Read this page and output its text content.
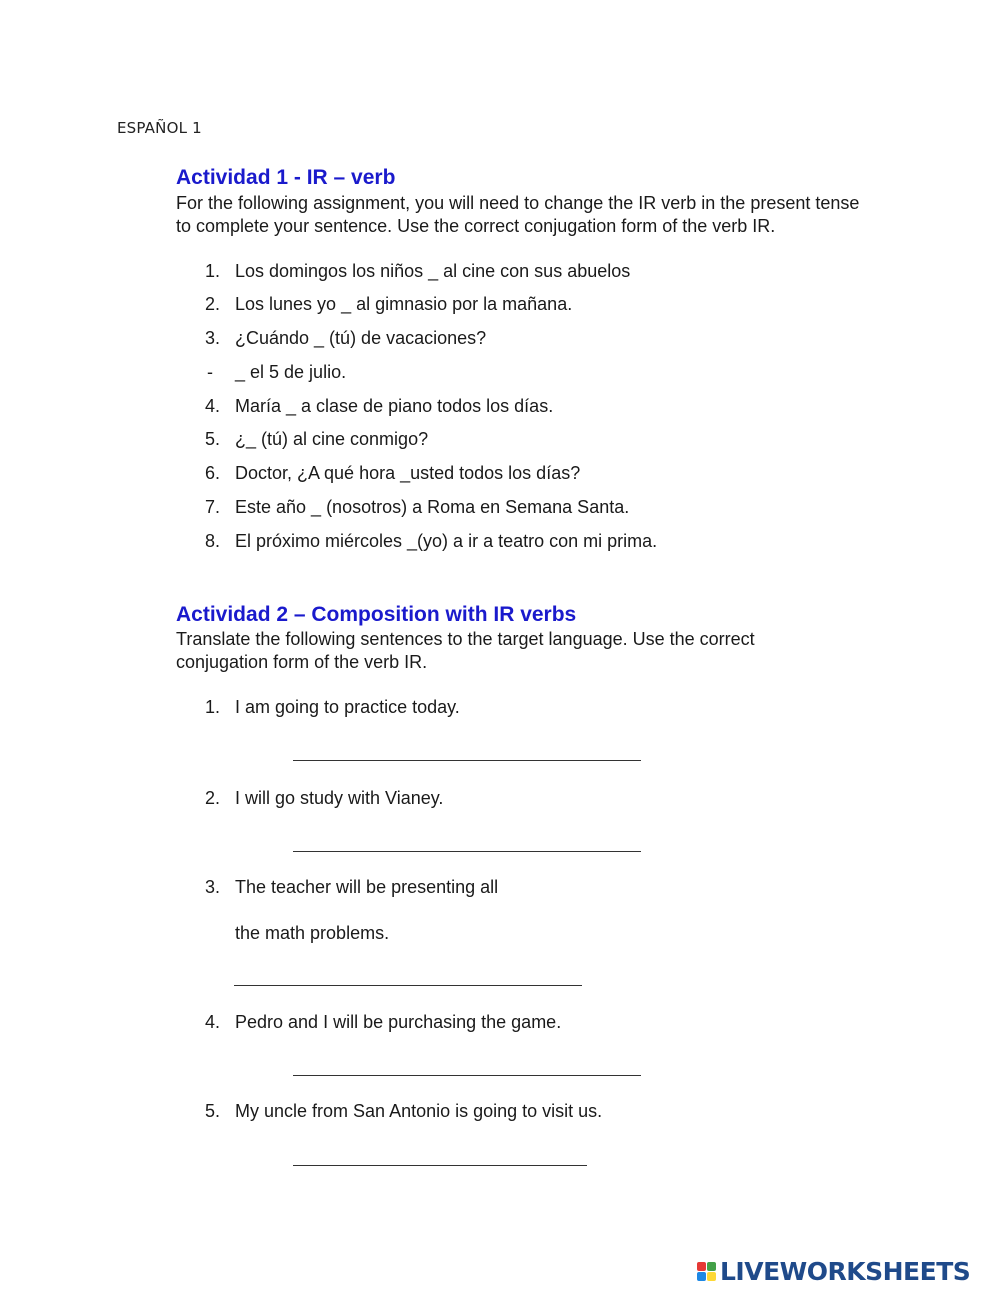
ESPAÑOL 1
Actividad 1 - IR – verb
For the following assignment, you will need to change the IR verb in the present tense to complete your sentence. Use the correct conjugation form of the verb IR.
1. Los domingos los niños _ al cine con sus abuelos
2. Los lunes yo _ al gimnasio por la mañana.
3. ¿Cuándo _ (tú) de vacaciones?
- _ el 5 de julio.
4. María _ a clase de piano todos los días.
5. ¿_ (tú) al cine conmigo?
6. Doctor, ¿A qué hora _usted todos los días?
7. Este año _ (nosotros) a Roma en Semana Santa.
8. El próximo miércoles _(yo) a ir a teatro con mi prima.
Actividad 2 – Composition with IR verbs
Translate the following sentences to the target language. Use the correct conjugation form of the verb IR.
1. I am going to practice today.
2. I will go study with Vianey.
3. The teacher will be presenting all
the math problems.
4. Pedro and I will be purchasing the game.
5. My uncle from San Antonio is going to visit us.
LIVEWORKSHEETS
